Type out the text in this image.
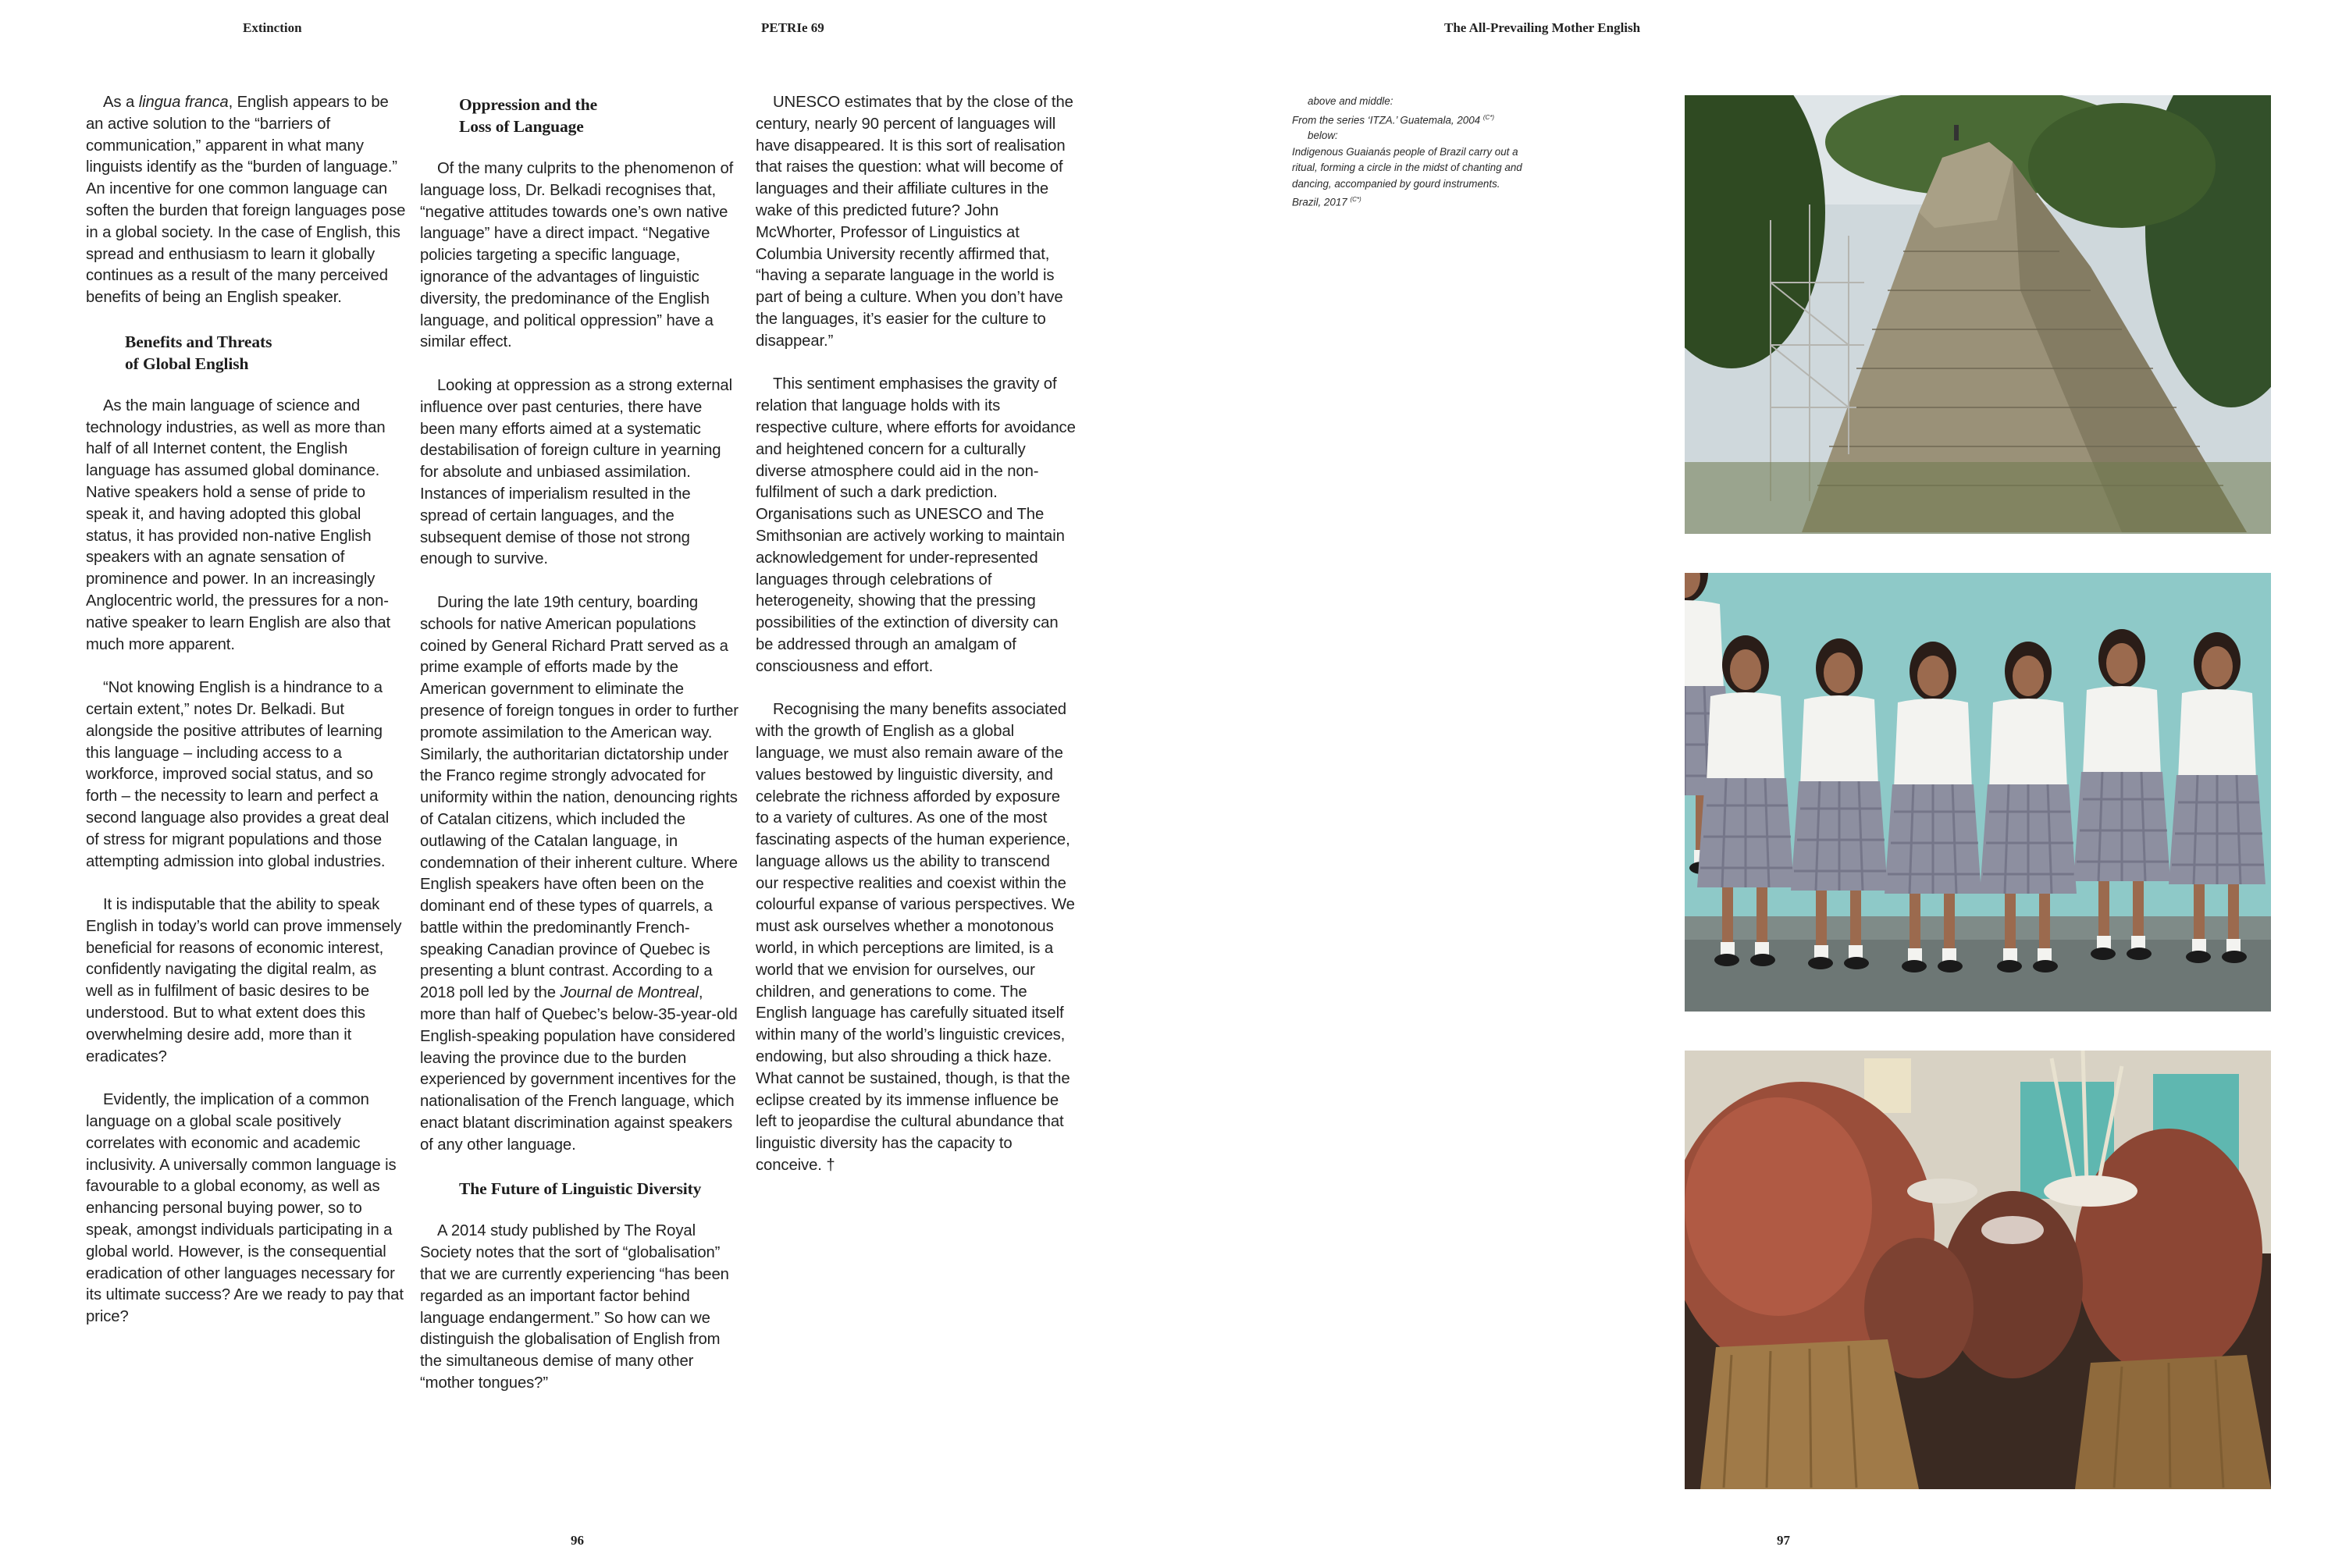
Extinction	PETRIe 69	The All-Prevailing Mother English

As a lingua franca, English appears to be an active solution to the “barriers of communication,” apparent in what many linguists identify as the “burden of language.” An incentive for one common language can soften the burden that foreign languages pose in a global society. In the case of English, this spread and enthusiasm to learn it globally continues as a result of the many perceived benefits of being an English speaker.

Benefits and Threats
of Global English

As the main language of science and technology industries, as well as more than half of all Internet content, the English language has assumed global dominance. Native speakers hold a sense of pride to speak it, and having adopted this global status, it has provided non-native English speakers with an agnate sensation of prominence and power. In an increasingly Anglocentric world, the pressures for a non-native speaker to learn English are also that much more apparent.

“Not knowing English is a hindrance to a certain extent,” notes Dr. Belkadi. But alongside the positive attributes of learning this language – including access to a workforce, improved social status, and so forth – the necessity to learn and perfect a second language also provides a great deal of stress for migrant populations and those attempting admission into global industries.

It is indisputable that the ability to speak English in today’s world can prove immensely beneficial for reasons of economic interest, confidently navigating the digital realm, as well as in fulfilment of basic desires to be understood. But to what extent does this overwhelming desire add, more than it eradicates?

Evidently, the implication of a common language on a global scale positively correlates with economic and academic inclusivity. A universally common language is favourable to a global economy, as well as enhancing personal buying power, so to speak, amongst individuals participating in a global world. However, is the consequential eradication of other languages necessary for its ultimate success? Are we ready to pay that price?

Oppression and the
Loss of Language

Of the many culprits to the phenomenon of language loss, Dr. Belkadi recognises that, “negative attitudes towards one’s own native language” have a direct impact. “Negative policies targeting a specific language, ignorance of the advantages of linguistic diversity, the predominance of the English language, and political oppression” have a similar effect.

Looking at oppression as a strong external influence over past centuries, there have been many efforts aimed at a systematic destabilisation of foreign culture in yearning for absolute and unbiased assimilation. Instances of imperialism resulted in the spread of certain languages, and the subsequent demise of those not strong enough to survive.

During the late 19th century, boarding schools for native American populations coined by General Richard Pratt served as a prime example of efforts made by the American government to eliminate the presence of foreign tongues in order to further promote assimilation to the American way. Similarly, the authoritarian dictatorship under the Franco regime strongly advocated for uniformity within the nation, denouncing rights of Catalan citizens, which included the outlawing of the Catalan language, in condemnation of their inherent culture. Where English speakers have often been on the dominant end of these types of quarrels, a battle within the predominantly French-speaking Canadian province of Quebec is presenting a blunt contrast. According to a 2018 poll led by the Journal de Montreal, more than half of Quebec’s below-35-year-old English-speaking population have considered leaving the province due to the burden experienced by government incentives for the nationalisation of the French language, which enact blatant discrimination against speakers of any other language.

The Future of Linguistic Diversity

A 2014 study published by The Royal Society notes that the sort of “globalisation” that we are currently experiencing “has been regarded as an important factor behind language endangerment.” So how can we distinguish the globalisation of English from the simultaneous demise of many other “mother tongues?”

UNESCO estimates that by the close of the century, nearly 90 percent of languages will have disappeared. It is this sort of realisation that raises the question: what will become of languages and their affiliate cultures in the wake of this predicted future? John McWhorter, Professor of Linguistics at Columbia University recently affirmed that, “having a separate language in the world is part of being a culture. When you don’t have the languages, it’s easier for the culture to disappear.”

This sentiment emphasises the gravity of relation that language holds with its respective culture, where efforts for avoidance and heightened concern for a culturally diverse atmosphere could aid in the non-fulfilment of such a dark prediction. Organisations such as UNESCO and The Smithsonian are actively working to maintain acknowledgement for under-represented languages through celebrations of heterogeneity, showing that the pressing possibilities of the extinction of diversity can be addressed through an amalgam of consciousness and effort.

Recognising the many benefits associated with the growth of English as a global language, we must also remain aware of the values bestowed by linguistic diversity, and celebrate the richness afforded by exposure to a variety of cultures. As one of the most fascinating aspects of the human experience, language allows us the ability to transcend our respective realities and coexist within the colourful expanse of various perspectives. We must ask ourselves whether a monotonous world, in which perceptions are limited, is a world that we envision for ourselves, our children, and generations to come. The English language has carefully situated itself within many of the world’s linguistic crevices, endowing, but also shrouding a thick haze. What cannot be sustained, though, is that the eclipse created by its immense influence be left to jeopardise the cultural abundance that linguistic diversity has the capacity to conceive. †

above and middle:
From the series ‘ITZA.’ Guatemala, 2004 $^{(C*)}$
below:
Indigenous Guaianás people of Brazil carry out a ritual, forming a circle in the midst of chanting and dancing, accompanied by gourd instruments. Brazil, 2017 $^{(C*)}$
96	97
